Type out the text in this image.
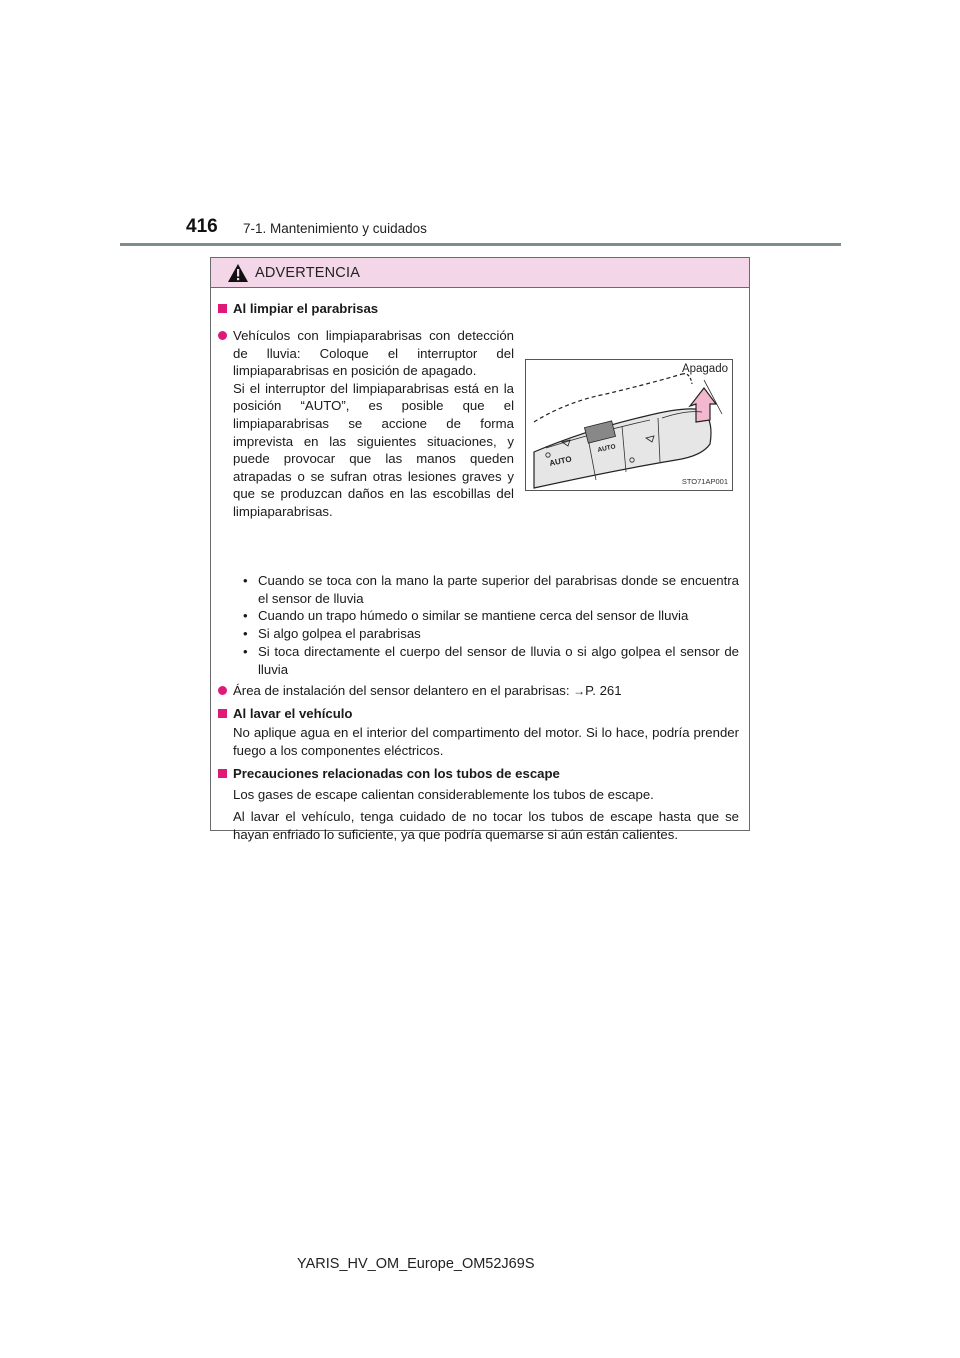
416 7-1. Mantenimiento y cuidados
ADVERTENCIA
Al limpiar el parabrisas
Vehículos con limpiaparabrisas con detección de lluvia: Coloque el interruptor del limpiaparabrisas en posición de apagado.
Si el interruptor del limpiaparabrisas está en la posición “AUTO”, es posible que el limpiaparabrisas se accione de forma imprevista en las siguientes situaciones, y puede provocar que las manos queden atrapadas o se sufran otras lesiones graves y que se produzcan daños en las escobillas del limpiaparabrisas.
AUTO
AUTO
Apagado
STO71AP001
• Cuando se toca con la mano la parte superior del parabrisas donde se encuentra el sensor de lluvia
• Cuando un trapo húmedo o similar se mantiene cerca del sensor de lluvia
• Si algo golpea el parabrisas
• Si toca directamente el cuerpo del sensor de lluvia o si algo golpea el sensor de lluvia
Área de instalación del sensor delantero en el parabrisas: →P. 261
Al lavar el vehículo
No aplique agua en el interior del compartimento del motor. Si lo hace, podría prender fuego a los componentes eléctricos.
Precauciones relacionadas con los tubos de escape
Los gases de escape calientan considerablemente los tubos de escape.
Al lavar el vehículo, tenga cuidado de no tocar los tubos de escape hasta que se hayan enfriado lo suficiente, ya que podría quemarse si aún están calientes.
YARIS_HV_OM_Europe_OM52J69S
